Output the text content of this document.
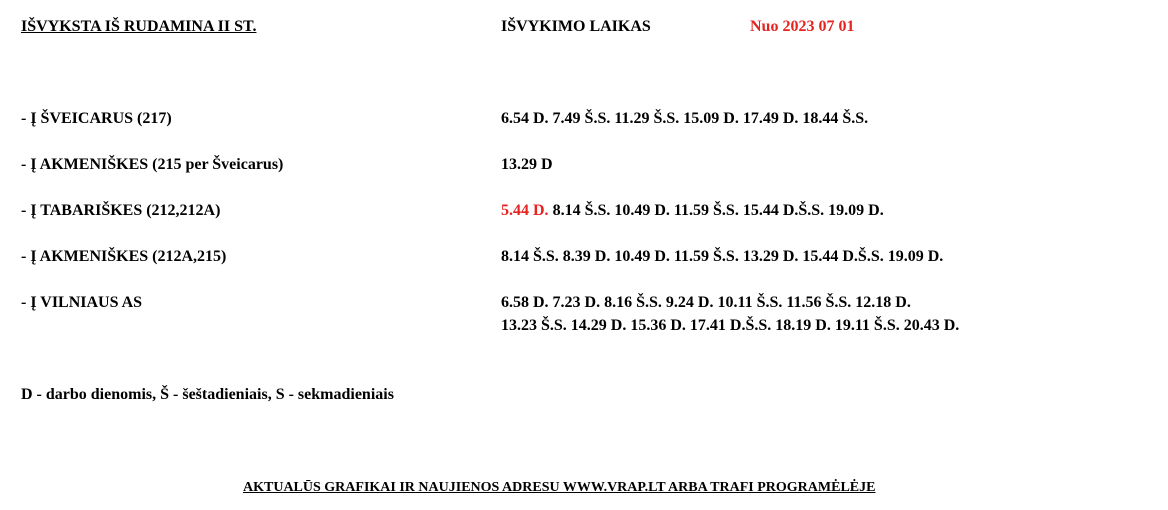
IŠVYKSTA IŠ RUDAMINA II ST.	IŠVYKIMO LAIKAS	Nuo 2023 07 01
- Į ŠVEICARUS (217)	6.54 D. 7.49 Š.S. 11.29 Š.S. 15.09 D. 17.49 D. 18.44 Š.S.
- Į AKMENIŠKES (215 per Šveicarus)	13.29 D
- Į TABARIŠKES (212,212A)	5.44 D. 8.14 Š.S. 10.49 D. 11.59 Š.S. 15.44 D.Š.S. 19.09 D.
- Į AKMENIŠKES (212A,215)	8.14 Š.S. 8.39 D. 10.49 D. 11.59 Š.S. 13.29 D. 15.44 D.Š.S. 19.09 D.
- Į VILNIAUS AS	6.58 D. 7.23 D. 8.16 Š.S. 9.24 D. 10.11 Š.S. 11.56 Š.S. 12.18 D.
13.23 Š.S. 14.29 D. 15.36 D. 17.41 D.Š.S. 18.19 D. 19.11 Š.S. 20.43 D.
D - darbo dienomis, Š - šeštadieniais, S - sekmadieniais
AKTUALŪS GRAFIKAI IR NAUJIENOS ADRESU WWW.VRAP.LT ARBA TRAFI PROGRAMĖLĖJE
